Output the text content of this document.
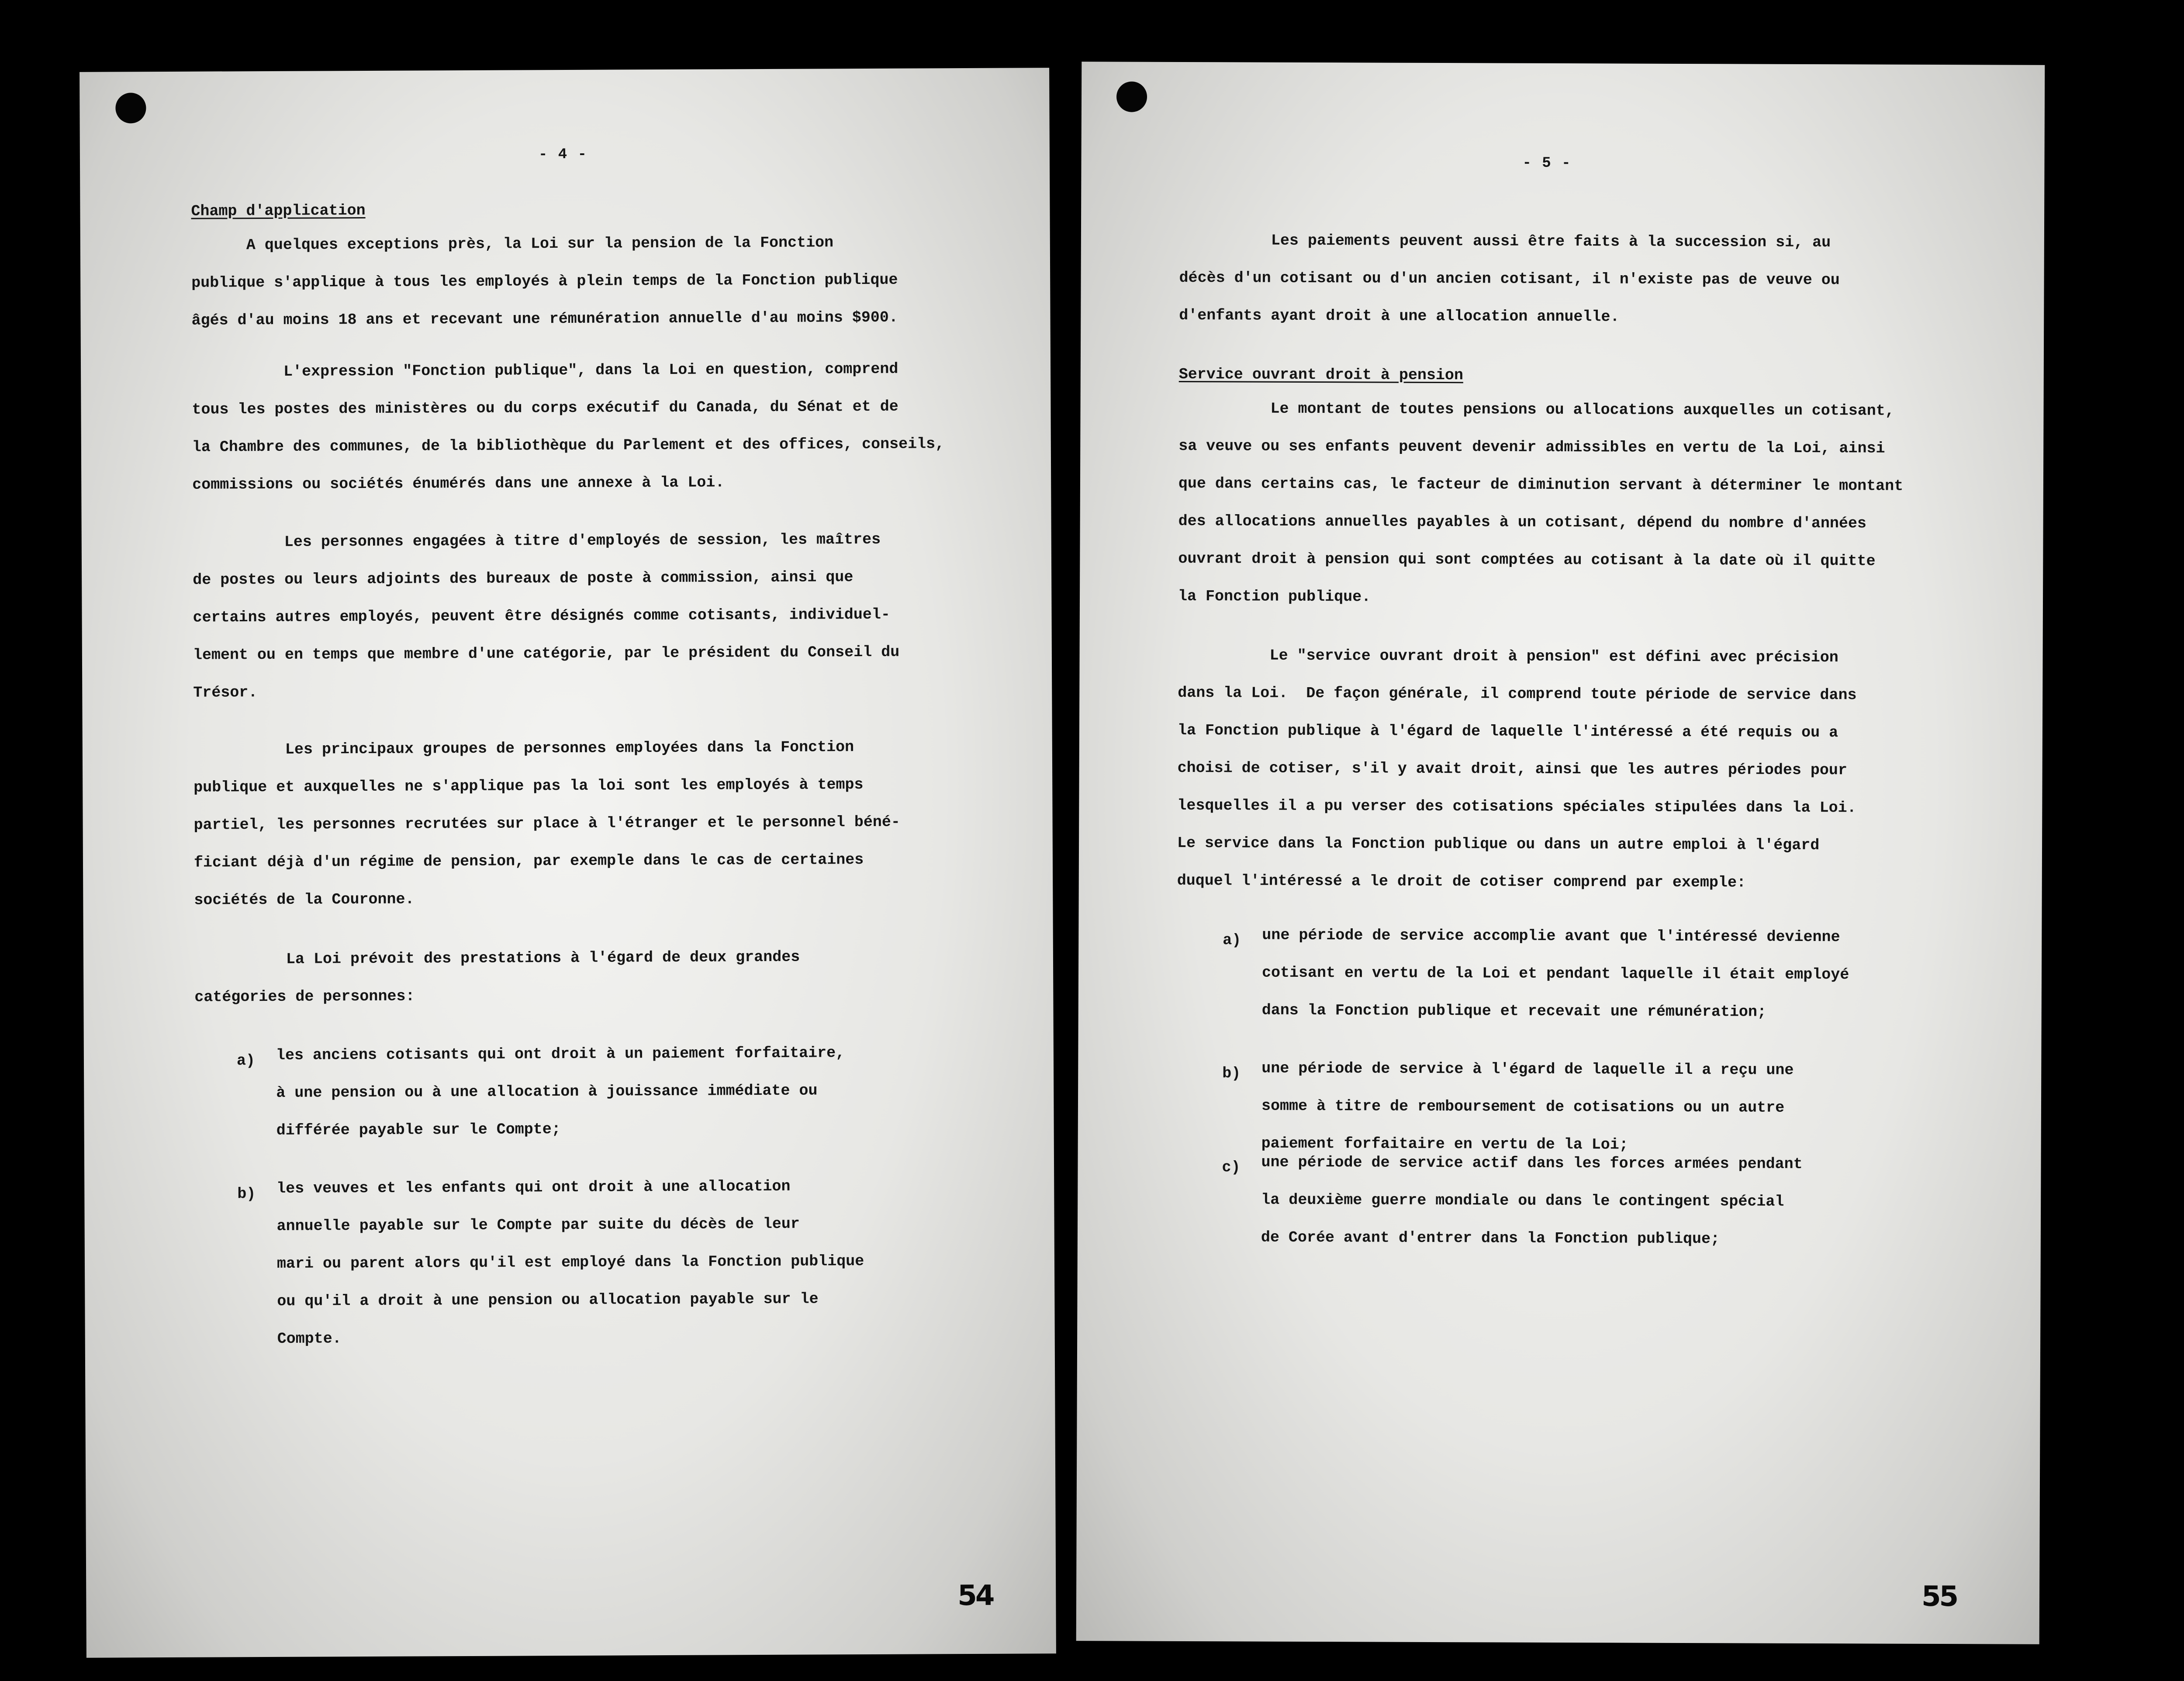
- 4 -
Champ d'application
A quelques exceptions près, la Loi sur la pension de la Fonction
publique s'applique à tous les employés à plein temps de la Fonction publique
âgés d'au moins 18 ans et recevant une rémunération annuelle d'au moins $900.
L'expression "Fonction publique", dans la Loi en question, comprend
tous les postes des ministères ou du corps exécutif du Canada, du Sénat et de
la Chambre des communes, de la bibliothèque du Parlement et des offices, conseils,
commissions ou sociétés énumérés dans une annexe à la Loi.
Les personnes engagées à titre d'employés de session, les maîtres
de postes ou leurs adjoints des bureaux de poste à commission, ainsi que
certains autres employés, peuvent être désignés comme cotisants, individuel-
lement ou en temps que membre d'une catégorie, par le président du Conseil du
Trésor.
Les principaux groupes de personnes employées dans la Fonction
publique et auxquelles ne s'applique pas la loi sont les employés à temps
partiel, les personnes recrutées sur place à l'étranger et le personnel béné-
ficiant déjà d'un régime de pension, par exemple dans le cas de certaines
sociétés de la Couronne.
La Loi prévoit des prestations à l'égard de deux grandes
catégories de personnes:
a) les anciens cotisants qui ont droit à un paiement forfaitaire,
à une pension ou à une allocation à jouissance immédiate ou
différée payable sur le Compte;
b) les veuves et les enfants qui ont droit à une allocation
annuelle payable sur le Compte par suite du décès de leur
mari ou parent alors qu'il est employé dans la Fonction publique
ou qu'il a droit à une pension ou allocation payable sur le
Compte.
54
- 5 -
Les paiements peuvent aussi être faits à la succession si, au
décès d'un cotisant ou d'un ancien cotisant, il n'existe pas de veuve ou
d'enfants ayant droit à une allocation annuelle.
Service ouvrant droit à pension
Le montant de toutes pensions ou allocations auxquelles un cotisant,
sa veuve ou ses enfants peuvent devenir admissibles en vertu de la Loi, ainsi
que dans certains cas, le facteur de diminution servant à déterminer le montant
des allocations annuelles payables à un cotisant, dépend du nombre d'années
ouvrant droit à pension qui sont comptées au cotisant à la date où il quitte
la Fonction publique.
Le "service ouvrant droit à pension" est défini avec précision
dans la Loi.  De façon générale, il comprend toute période de service dans
la Fonction publique à l'égard de laquelle l'intéressé a été requis ou a
choisi de cotiser, s'il y avait droit, ainsi que les autres périodes pour
lesquelles il a pu verser des cotisations spéciales stipulées dans la Loi.
Le service dans la Fonction publique ou dans un autre emploi à l'égard
duquel l'intéressé a le droit de cotiser comprend par exemple:
a) une période de service accomplie avant que l'intéressé devienne
cotisant en vertu de la Loi et pendant laquelle il était employé
dans la Fonction publique et recevait une rémunération;
b) une période de service à l'égard de laquelle il a reçu une
somme à titre de remboursement de cotisations ou un autre
paiement forfaitaire en vertu de la Loi;
c) une période de service actif dans les forces armées pendant
la deuxième guerre mondiale ou dans le contingent spécial
de Corée avant d'entrer dans la Fonction publique;
55
